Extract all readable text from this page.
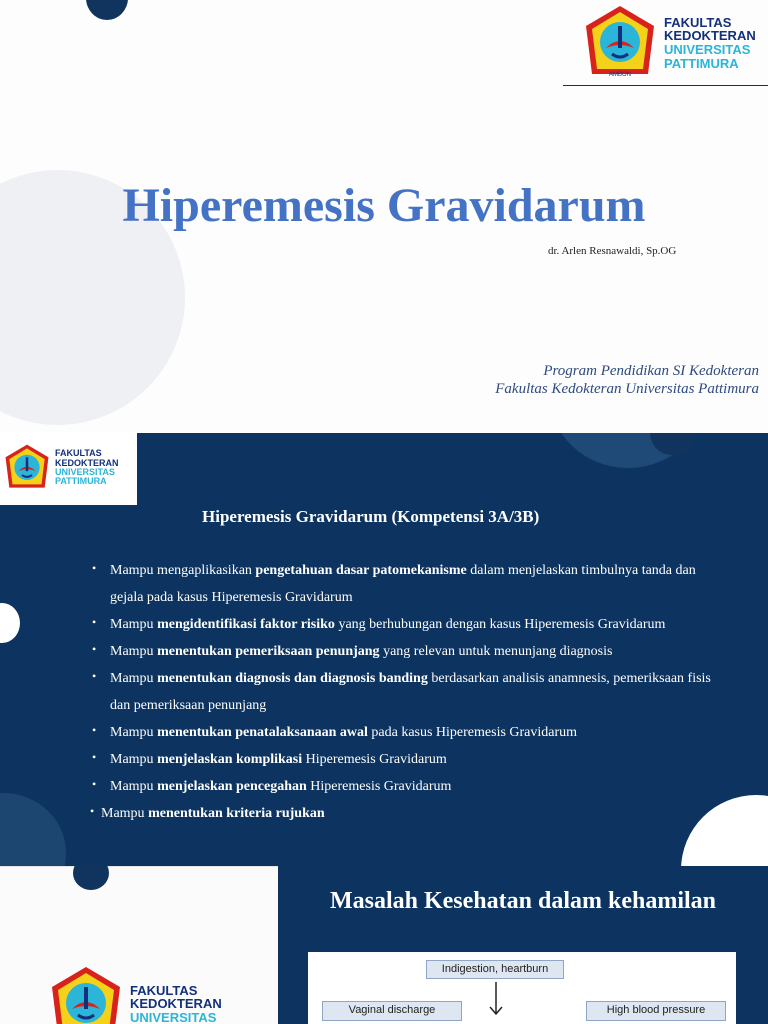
AMBON
FAKULTAS
KEDOKTERAN
UNIVERSITAS
PATTIMURA
Hiperemesis Gravidarum
dr. Arlen Resnawaldi, Sp.OG
Program Pendidikan SI Kedokteran
Fakultas Kedokteran Universitas Pattimura
FAKULTAS
KEDOKTERAN
UNIVERSITAS
PATTIMURA
Hiperemesis Gravidarum (Kompetensi 3A/3B)
• Mampu mengaplikasikan pengetahuan dasar patomekanisme dalam menjelaskan timbulnya tanda dan gejala pada kasus Hiperemesis Gravidarum
• Mampu mengidentifikasi faktor risiko yang berhubungan dengan kasus Hiperemesis Gravidarum
• Mampu menentukan pemeriksaan penunjang yang relevan untuk menunjang diagnosis
• Mampu menentukan diagnosis dan diagnosis banding berdasarkan analisis anamnesis, pemeriksaan fisis dan pemeriksaan penunjang
• Mampu menentukan penatalaksanaan awal pada kasus Hiperemesis Gravidarum
• Mampu menjelaskan komplikasi Hiperemesis Gravidarum
• Mampu menjelaskan pencegahan Hiperemesis Gravidarum
• Mampu menentukan kriteria rujukan
FAKULTAS
KEDOKTERAN
UNIVERSITAS
Masalah Kesehatan dalam kehamilan
Indigestion, heartburn
Vaginal discharge	High blood pressure
